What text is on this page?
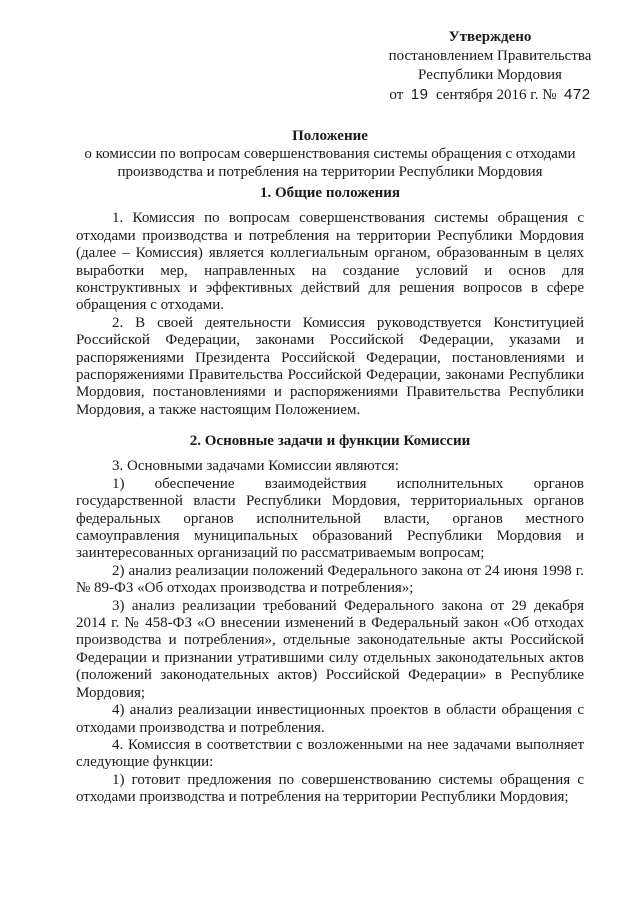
Утверждено
постановлением Правительства
Республики Мордовия
от 19 сентября 2016 г. № 472
Положение
о комиссии по вопросам совершенствования системы обращения с отходами
производства и потребления на территории Республики Мордовия

1. Общие положения

1. Комиссия по вопросам совершенствования системы обращения с отходами производства и потребления на территории Республики Мордовия (далее – Комиссия) является коллегиальным органом, образованным в целях выработки мер, направленных на создание условий и основ для конструктивных и эффективных действий для решения вопросов в сфере обращения с отходами.

2. В своей деятельности Комиссия руководствуется Конституцией Российской Федерации, законами Российской Федерации, указами и распоряжениями Президента Российской Федерации, постановлениями и распоряжениями Правительства Российской Федерации, законами Республики Мордовия, постановлениями и распоряжениями Правительства Республики Мордовия, а также настоящим Положением.

2. Основные задачи и функции Комиссии

3. Основными задачами Комиссии являются:

1) обеспечение взаимодействия исполнительных органов государственной власти Республики Мордовия, территориальных органов федеральных органов исполнительной власти, органов местного самоуправления муниципальных образований Республики Мордовия и заинтересованных организаций по рассматриваемым вопросам;

2) анализ реализации положений Федерального закона от 24 июня 1998 г. № 89-ФЗ «Об отходах производства и потребления»;

3) анализ реализации требований Федерального закона от 29 декабря 2014 г. № 458-ФЗ «О внесении изменений в Федеральный закон «Об отходах производства и потребления», отдельные законодательные акты Российской Федерации и признании утратившими силу отдельных законодательных актов (положений законодательных актов) Российской Федерации» в Республике Мордовия;

4) анализ реализации инвестиционных проектов в области обращения с отходами производства и потребления.

4. Комиссия в соответствии с возложенными на нее задачами выполняет следующие функции:

1) готовит предложения по совершенствованию системы обращения с отходами производства и потребления на территории Республики Мордовия;
